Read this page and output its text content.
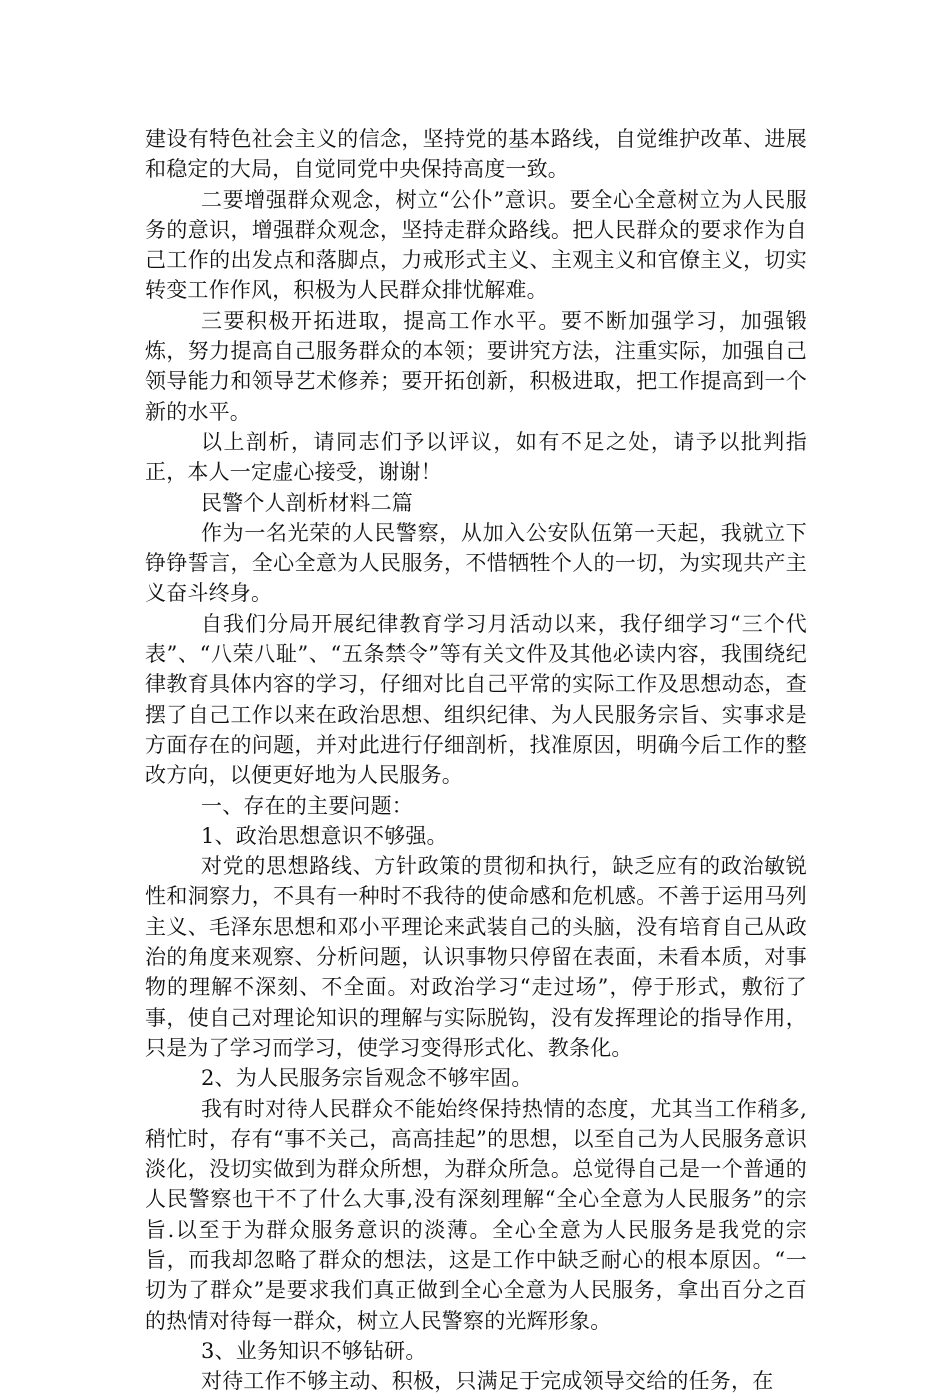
建设有特色社会主义的信念，坚持党的基本路线，自觉维护改革、进展和稳定的大局，自觉同党中央保持高度一致。

二要增强群众观念，树立“公仆”意识。要全心全意树立为人民服务的意识，增强群众观念，坚持走群众路线。把人民群众的要求作为自己工作的出发点和落脚点，力戒形式主义、主观主义和官僚主义，切实转变工作作风，积极为人民群众排忧解难。

三要积极开拓进取，提高工作水平。要不断加强学习，加强锻炼，努力提高自己服务群众的本领；要讲究方法，注重实际，加强自己领导能力和领导艺术修养；要开拓创新，积极进取，把工作提高到一个新的水平。

以上剖析，请同志们予以评议，如有不足之处，请予以批判指正，本人一定虚心接受，谢谢！

民警个人剖析材料二篇

作为一名光荣的人民警察，从加入公安队伍第一天起，我就立下铮铮誓言，全心全意为人民服务，不惜牺牲个人的一切，为实现共产主义奋斗终身。

自我们分局开展纪律教育学习月活动以来，我仔细学习“三个代表”、“八荣八耻”、“五条禁令”等有关文件及其他必读内容，我围绕纪律教育具体内容的学习，仔细对比自己平常的实际工作及思想动态，查摆了自己工作以来在政治思想、组织纪律、为人民服务宗旨、实事求是方面存在的问题，并对此进行仔细剖析，找准原因，明确今后工作的整改方向，以便更好地为人民服务。

一、存在的主要问题：

1、政治思想意识不够强。

对党的思想路线、方针政策的贯彻和执行，缺乏应有的政治敏锐性和洞察力，不具有一种时不我待的使命感和危机感。不善于运用马列主义、毛泽东思想和邓小平理论来武装自己的头脑，没有培育自己从政治的角度来观察、分析问题，认识事物只停留在表面，未看本质，对事物的理解不深刻、不全面。对政治学习“走过场”，停于形式，敷衍了事，使自己对理论知识的理解与实际脱钩，没有发挥理论的指导作用，只是为了学习而学习，使学习变得形式化、教条化。

2、为人民服务宗旨观念不够牢固。

我有时对待人民群众不能始终保持热情的态度，尤其当工作稍多,稍忙时，存有“事不关己，高高挂起”的思想，以至自己为人民服务意识淡化，没切实做到为群众所想，为群众所急。总觉得自己是一个普通的人民警察也干不了什么大事,没有深刻理解“全心全意为人民服务”的宗旨.以至于为群众服务意识的淡薄。全心全意为人民服务是我党的宗旨，而我却忽略了群众的想法，这是工作中缺乏耐心的根本原因。“一切为了群众”是要求我们真正做到全心全意为人民服务，拿出百分之百的热情对待每一群众，树立人民警察的光辉形象。

3、业务知识不够钻研。

对待工作不够主动、积极，只满足于完成领导交给的任务，在
